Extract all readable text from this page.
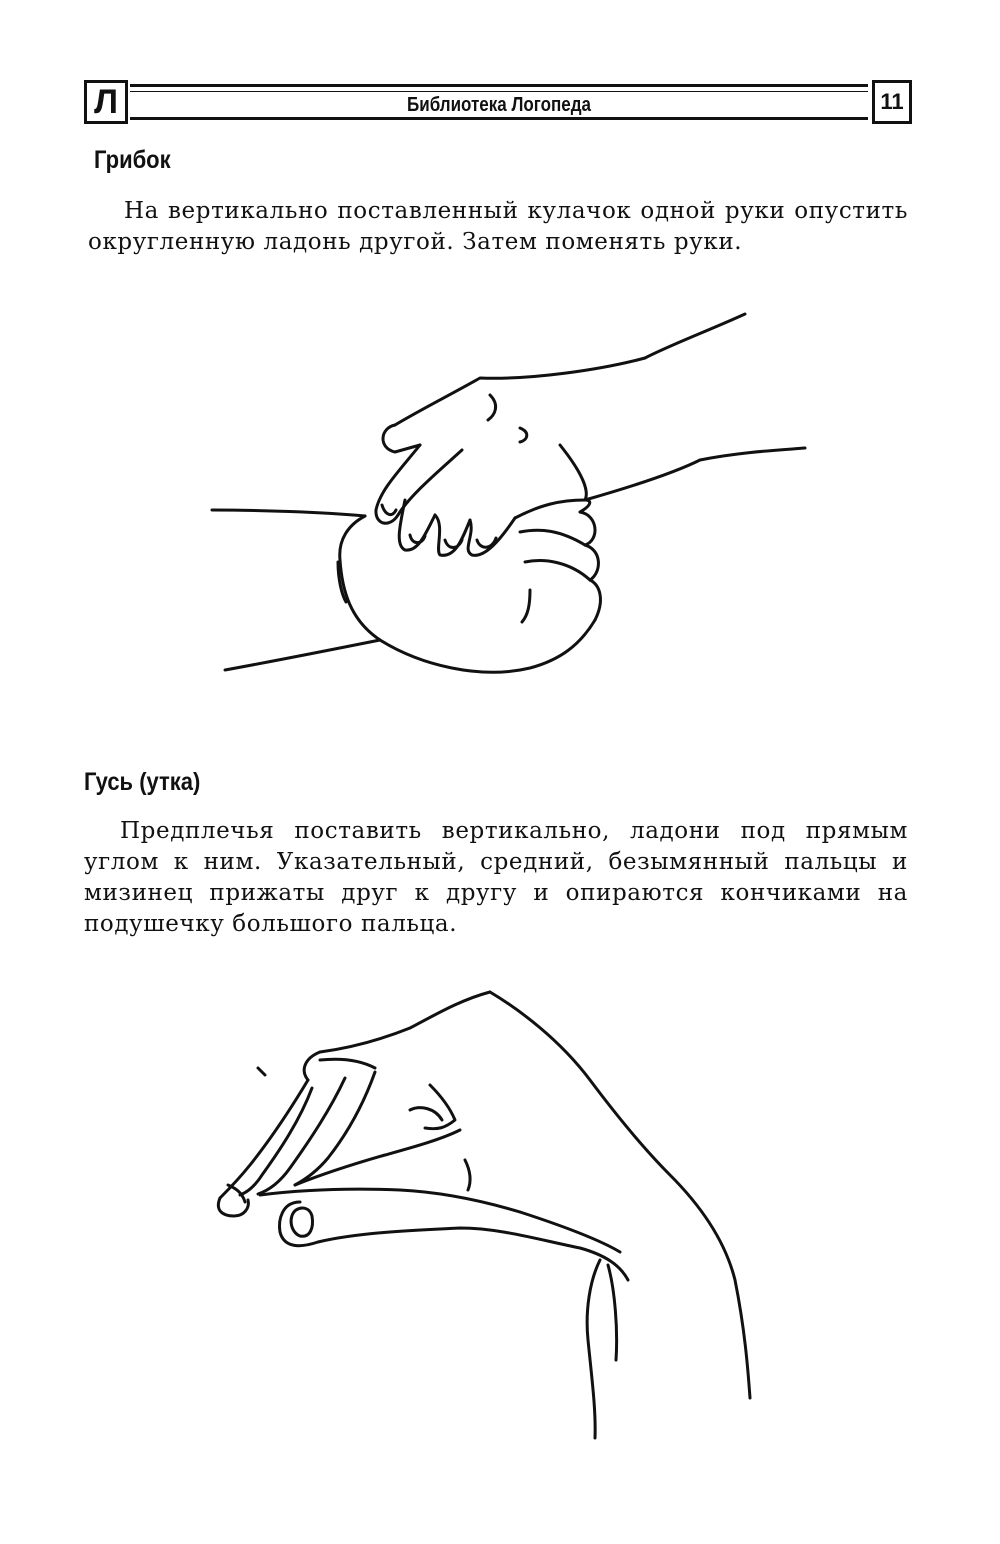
Л	Библиотека Логопеда	11
Грибок
На вертикально поставленный кулачок одной руки опустить округленную ладонь другой. Затем поменять руки.
Гусь (утка)
Предплечья поставить вертикально, ладони под прямым углом к ним. Указательный, средний, безымянный пальцы и мизинец прижаты друг к другу и опираются кончиками на подушечку большого пальца.
